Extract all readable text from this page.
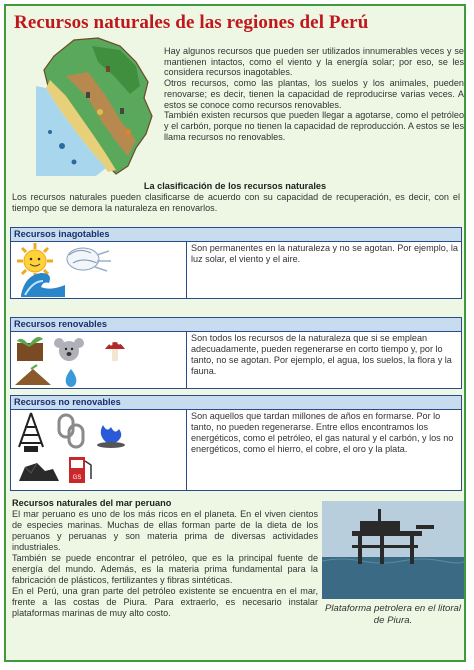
Recursos naturales de las regiones del Perú

Hay algunos recursos que pueden ser utilizados innumerables veces y se mantienen intactos, como el viento y la energía solar; por eso, se les considera recursos inagotables.

Otros recursos, como las plantas, los suelos y los animales, pueden renovarse; es decir, tienen la capacidad de reproducirse varias veces. A estos se conoce como recursos renovables.

También existen recursos que pueden llegar a agotarse, como el petróleo y el carbón, porque no tienen la capacidad de reproducción. A estos se les llama recursos no renovables.

La clasificación de los recursos naturales
Los recursos naturales pueden clasificarse de acuerdo con su capacidad de recuperación, es decir, con el tiempo que se demora la naturaleza en renovarlos.
Recursos inagotables
Son permanentes en la naturaleza y no se agotan. Por ejemplo, la luz solar, el viento y el aire.
Recursos renovables
Son todos los recursos de la naturaleza que si se emplean adecuadamente, pueden regenerarse en corto tiempo y, por lo tanto, no se agotan. Por ejemplo, el agua, los suelos, la flora y la fauna.
Recursos no renovables
GS
Son aquellos que tardan millones de años en formarse. Por lo tanto, no pueden regenerarse. Entre ellos encontramos los energéticos, como el petróleo, el gas natural y el carbón, y los no energéticos, como el hierro, el cobre, el oro y la plata.
Recursos naturales del mar peruano

El mar peruano es uno de los más ricos en el planeta. En el viven cientos de especies marinas. Muchas de ellas forman parte de la dieta de los peruanos y peruanas y son materia prima de diversas actividades industriales.

También se puede encontrar el petróleo, que es la principal fuente de energía del mundo. Además, es la materia prima fundamental para la fabricación de plásticos, fertilizantes y fibras sintéticas.

En el Perú, una gran parte del petróleo existente se encuentra en el mar, frente a las costas de Piura. Para extraerlo, es necesario instalar plataformas marinas de muy alto costo.	Plataforma petrolera en el litoral de Piura.
